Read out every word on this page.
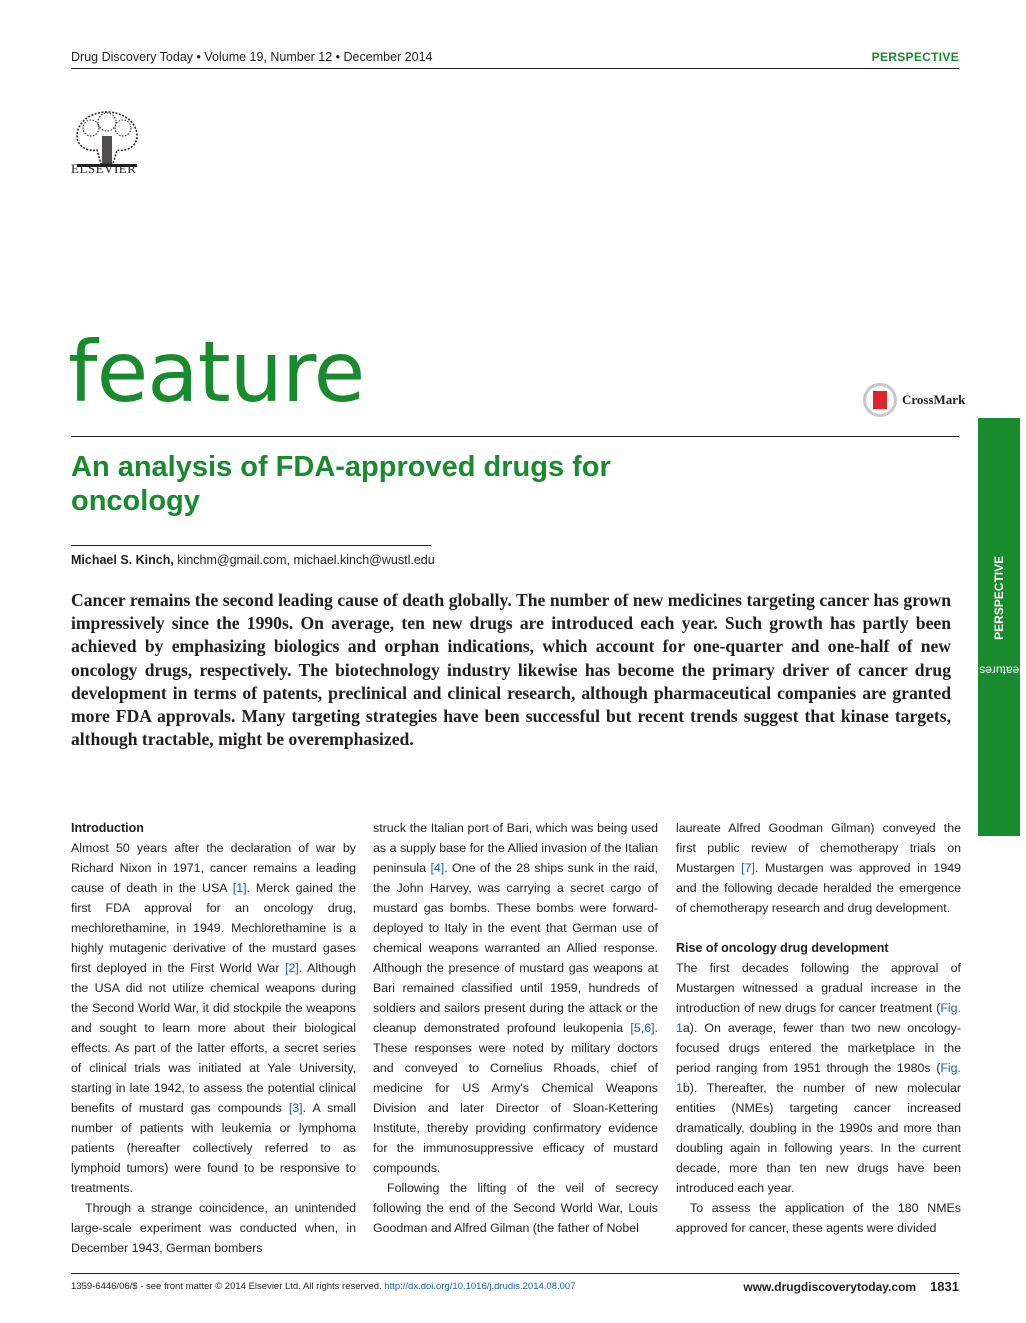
Drug Discovery Today • Volume 19, Number 12 • December 2014	PERSPECTIVE
ELSEVIER
feature	CrossMark
An analysis of FDA-approved drugs for oncology
Michael S. Kinch, kinchm@gmail.com, michael.kinch@wustl.edu
Cancer remains the second leading cause of death globally. The number of new medicines targeting cancer has grown impressively since the 1990s. On average, ten new drugs are introduced each year. Such growth has partly been achieved by emphasizing biologics and orphan indications, which account for one-quarter and one-half of new oncology drugs, respectively. The biotechnology industry likewise has become the primary driver of cancer drug development in terms of patents, preclinical and clinical research, although pharmaceutical companies are granted more FDA approvals. Many targeting strategies have been successful but recent trends suggest that kinase targets, although tractable, might be overemphasized.
Features • PERSPECTIVE
Introduction

Almost 50 years after the declaration of war by Richard Nixon in 1971, cancer remains a leading cause of death in the USA [1]. Merck gained the first FDA approval for an oncology drug, mechlorethamine, in 1949. Mechlorethamine is a highly mutagenic derivative of the mustard gases first deployed in the First World War [2]. Although the USA did not utilize chemical weapons during the Second World War, it did stockpile the weapons and sought to learn more about their biological effects. As part of the latter efforts, a secret series of clinical trials was initiated at Yale University, starting in late 1942, to assess the potential clinical benefits of mustard gas compounds [3]. A small number of patients with leukemia or lymphoma patients (hereafter collectively referred to as lymphoid tumors) were found to be responsive to treatments.

Through a strange coincidence, an unintended large-scale experiment was conducted when, in December 1943, German bombers

struck the Italian port of Bari, which was being used as a supply base for the Allied invasion of the Italian peninsula [4]. One of the 28 ships sunk in the raid, the John Harvey, was carrying a secret cargo of mustard gas bombs. These bombs were forward-deployed to Italy in the event that German use of chemical weapons warranted an Allied response. Although the presence of mustard gas weapons at Bari remained classified until 1959, hundreds of soldiers and sailors present during the attack or the cleanup demonstrated profound leukopenia [5,6]. These responses were noted by military doctors and conveyed to Cornelius Rhoads, chief of medicine for US Army's Chemical Weapons Division and later Director of Sloan-Kettering Institute, thereby providing confirmatory evidence for the immunosuppressive efficacy of mustard compounds.

Following the lifting of the veil of secrecy following the end of the Second World War, Louis Goodman and Alfred Gilman (the father of Nobel

laureate Alfred Goodman Gilman) conveyed the first public review of chemotherapy trials on Mustargen [7]. Mustargen was approved in 1949 and the following decade heralded the emergence of chemotherapy research and drug development.

Rise of oncology drug development

The first decades following the approval of Mustargen witnessed a gradual increase in the introduction of new drugs for cancer treatment (Fig. 1a). On average, fewer than two new oncology-focused drugs entered the marketplace in the period ranging from 1951 through the 1980s (Fig. 1b). Thereafter, the number of new molecular entities (NMEs) targeting cancer increased dramatically, doubling in the 1990s and more than doubling again in following years. In the current decade, more than ten new drugs have been introduced each year.

To assess the application of the 180 NMEs approved for cancer, these agents were divided

1359-6446/06/$ - see front matter © 2014 Elsevier Ltd. All rights reserved. http://dx.doi.org/10.1016/j.drudis.2014.08.007	www.drugdiscoverytoday.com 1831
